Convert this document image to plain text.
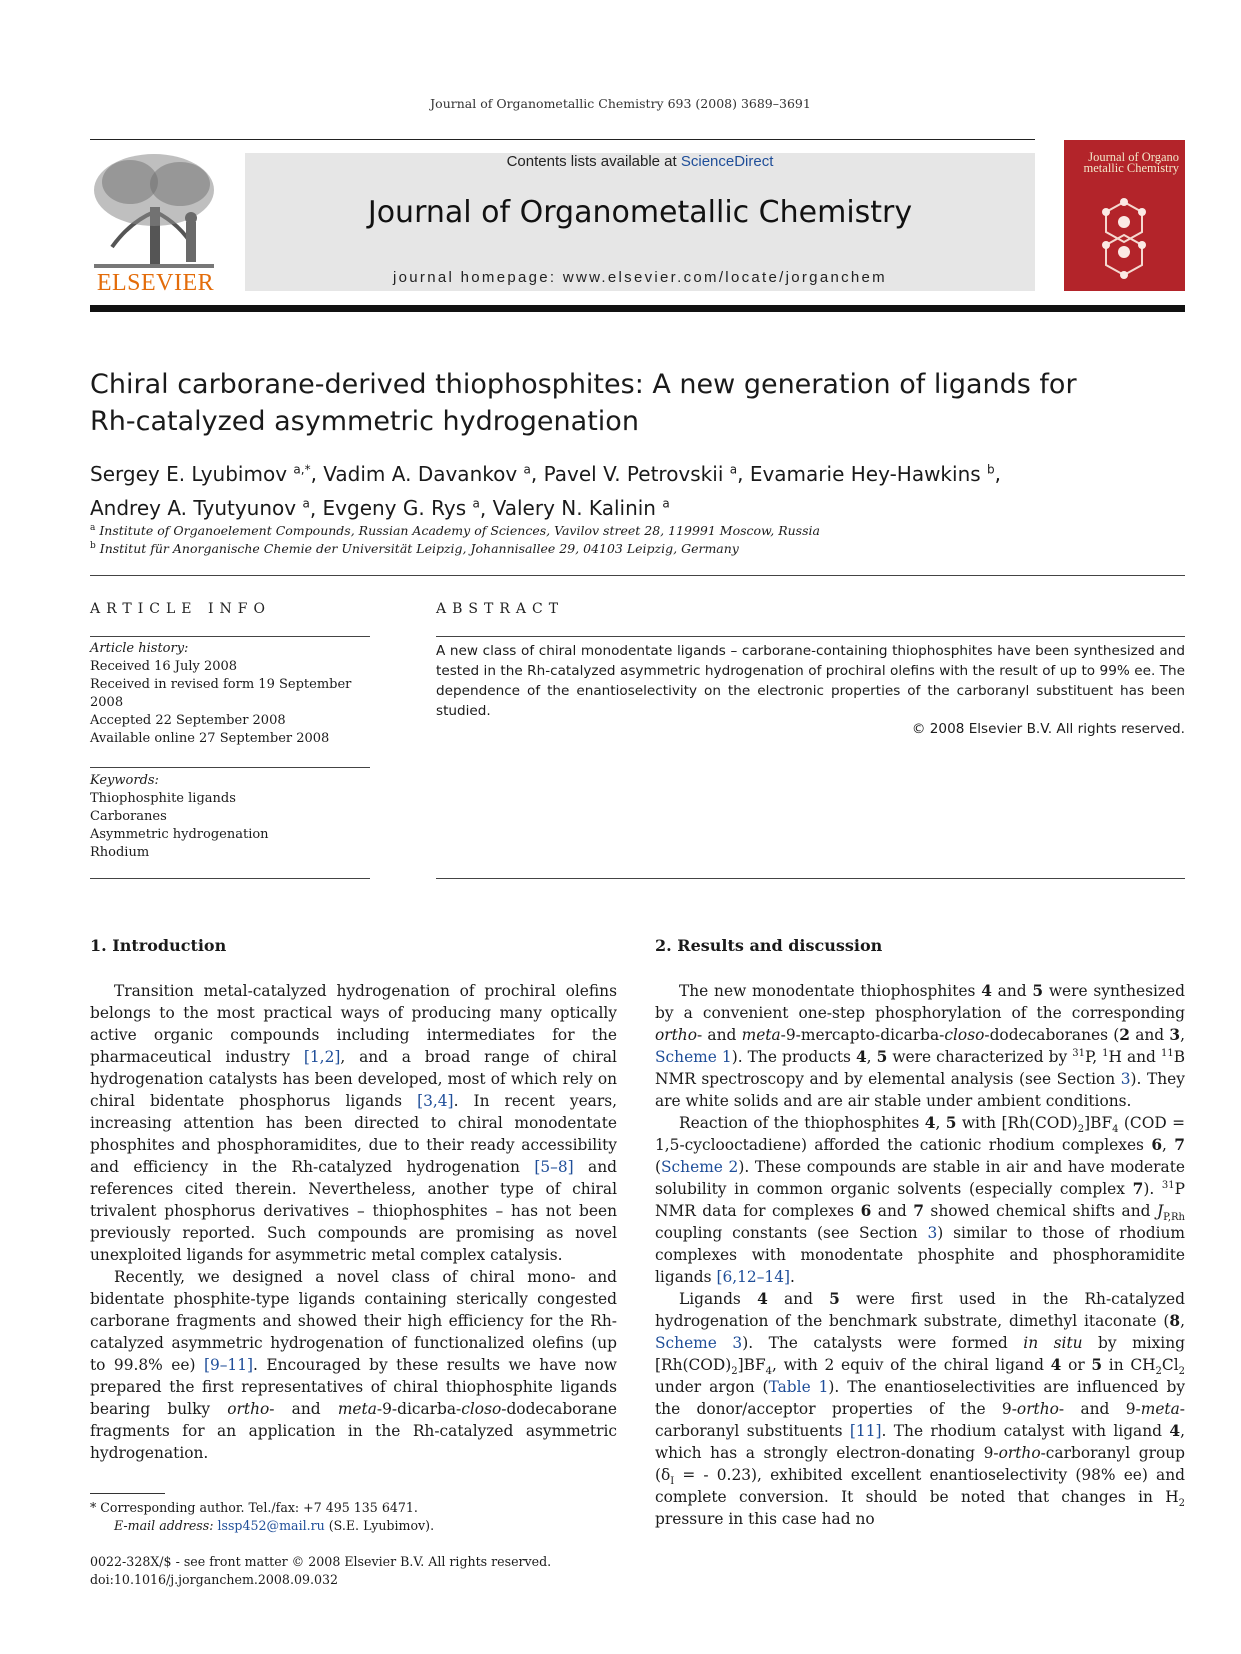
Journal of Organometallic Chemistry 693 (2008) 3689–3691
ELSEVIER
Contents lists available at ScienceDirect
Journal of Organometallic Chemistry
journal homepage: www.elsevier.com/locate/jorganchem
Journal of Organo metallic Chemistry
Chiral carborane-derived thiophosphites: A new generation of ligands for
Rh-catalyzed asymmetric hydrogenation
Sergey E. Lyubimov $^{a,*}$, Vadim A. Davankov $^a$, Pavel V. Petrovskii $^a$, Evamarie Hey-Hawkins $^b$,
Andrey A. Tyutyunov $^a$, Evgeny G. Rys $^a$, Valery N. Kalinin $^a$
$^a$ Institute of Organoelement Compounds, Russian Academy of Sciences, Vavilov street 28, 119991 Moscow, Russia
$^b$ Institut für Anorganische Chemie der Universität Leipzig, Johannisallee 29, 04103 Leipzig, Germany
ARTICLE INFO
Article history:
Received 16 July 2008
Received in revised form 19 September 2008
Accepted 22 September 2008
Available online 27 September 2008
Keywords:
Thiophosphite ligands
Carboranes
Asymmetric hydrogenation
Rhodium
ABSTRACT
A new class of chiral monodentate ligands – carborane-containing thiophosphites have been synthesized and tested in the Rh-catalyzed asymmetric hydrogenation of prochiral olefins with the result of up to 99% ee. The dependence of the enantioselectivity on the electronic properties of the carboranyl substituent has been studied.
© 2008 Elsevier B.V. All rights reserved.
1. Introduction

Transition metal-catalyzed hydrogenation of prochiral olefins belongs to the most practical ways of producing many optically active organic compounds including intermediates for the pharmaceutical industry [1,2], and a broad range of chiral hydrogenation catalysts has been developed, most of which rely on chiral bidentate phosphorus ligands [3,4]. In recent years, increasing attention has been directed to chiral monodentate phosphites and phosphoramidites, due to their ready accessibility and efficiency in the Rh-catalyzed hydrogenation [5–8] and references cited therein. Nevertheless, another type of chiral trivalent phosphorus derivatives – thiophosphites – has not been previously reported. Such compounds are promising as novel unexploited ligands for asymmetric metal complex catalysis.

Recently, we designed a novel class of chiral mono- and bidentate phosphite-type ligands containing sterically congested carborane fragments and showed their high efficiency for the Rh-catalyzed asymmetric hydrogenation of functionalized olefins (up to 99.8% ee) [9–11]. Encouraged by these results we have now prepared the first representatives of chiral thiophosphite ligands bearing bulky ortho- and meta-9-dicarba-closo-dodecaborane fragments for an application in the Rh-catalyzed asymmetric hydrogenation.

2. Results and discussion

The new monodentate thiophosphites 4 and 5 were synthesized by a convenient one-step phosphorylation of the corresponding ortho- and meta-9-mercapto-dicarba-closo-dodecaboranes (2 and 3, Scheme 1). The products 4, 5 were characterized by $^{31}$P, $^1$H and $^{11}$B NMR spectroscopy and by elemental analysis (see Section 3). They are white solids and are air stable under ambient conditions.

Reaction of the thiophosphites 4, 5 with $[Rh(COD)_2]BF_4$ (COD = 1,5-cyclooctadiene) afforded the cationic rhodium complexes 6, 7 (Scheme 2). These compounds are stable in air and have moderate solubility in common organic solvents (especially complex 7). $^{31}$P NMR data for complexes 6 and 7 showed chemical shifts and $J_{P,Rh}$ coupling constants (see Section 3) similar to those of rhodium complexes with monodentate phosphite and phosphoramidite ligands [6,12–14].

Ligands 4 and 5 were first used in the Rh-catalyzed hydrogenation of the benchmark substrate, dimethyl itaconate (8, Scheme 3). The catalysts were formed in situ by mixing $[Rh(COD)_2]BF_4$, with 2 equiv of the chiral ligand 4 or 5 in $CH_2Cl_2$ under argon (Table 1). The enantioselectivities are influenced by the donor/acceptor properties of the 9-ortho- and 9-meta-carboranyl substituents [11]. The rhodium catalyst with ligand 4, which has a strongly electron-donating 9-ortho-carboranyl group ($\delta_I$ = - 0.23), exhibited excellent enantioselectivity (98% ee) and complete conversion. It should be noted that changes in $H_2$ pressure in this case had no

* Corresponding author. Tel./fax: +7 495 135 6471.
E-mail address: lssp452@mail.ru (S.E. Lyubimov).
0022-328X/$ - see front matter © 2008 Elsevier B.V. All rights reserved.
doi:10.1016/j.jorganchem.2008.09.032
